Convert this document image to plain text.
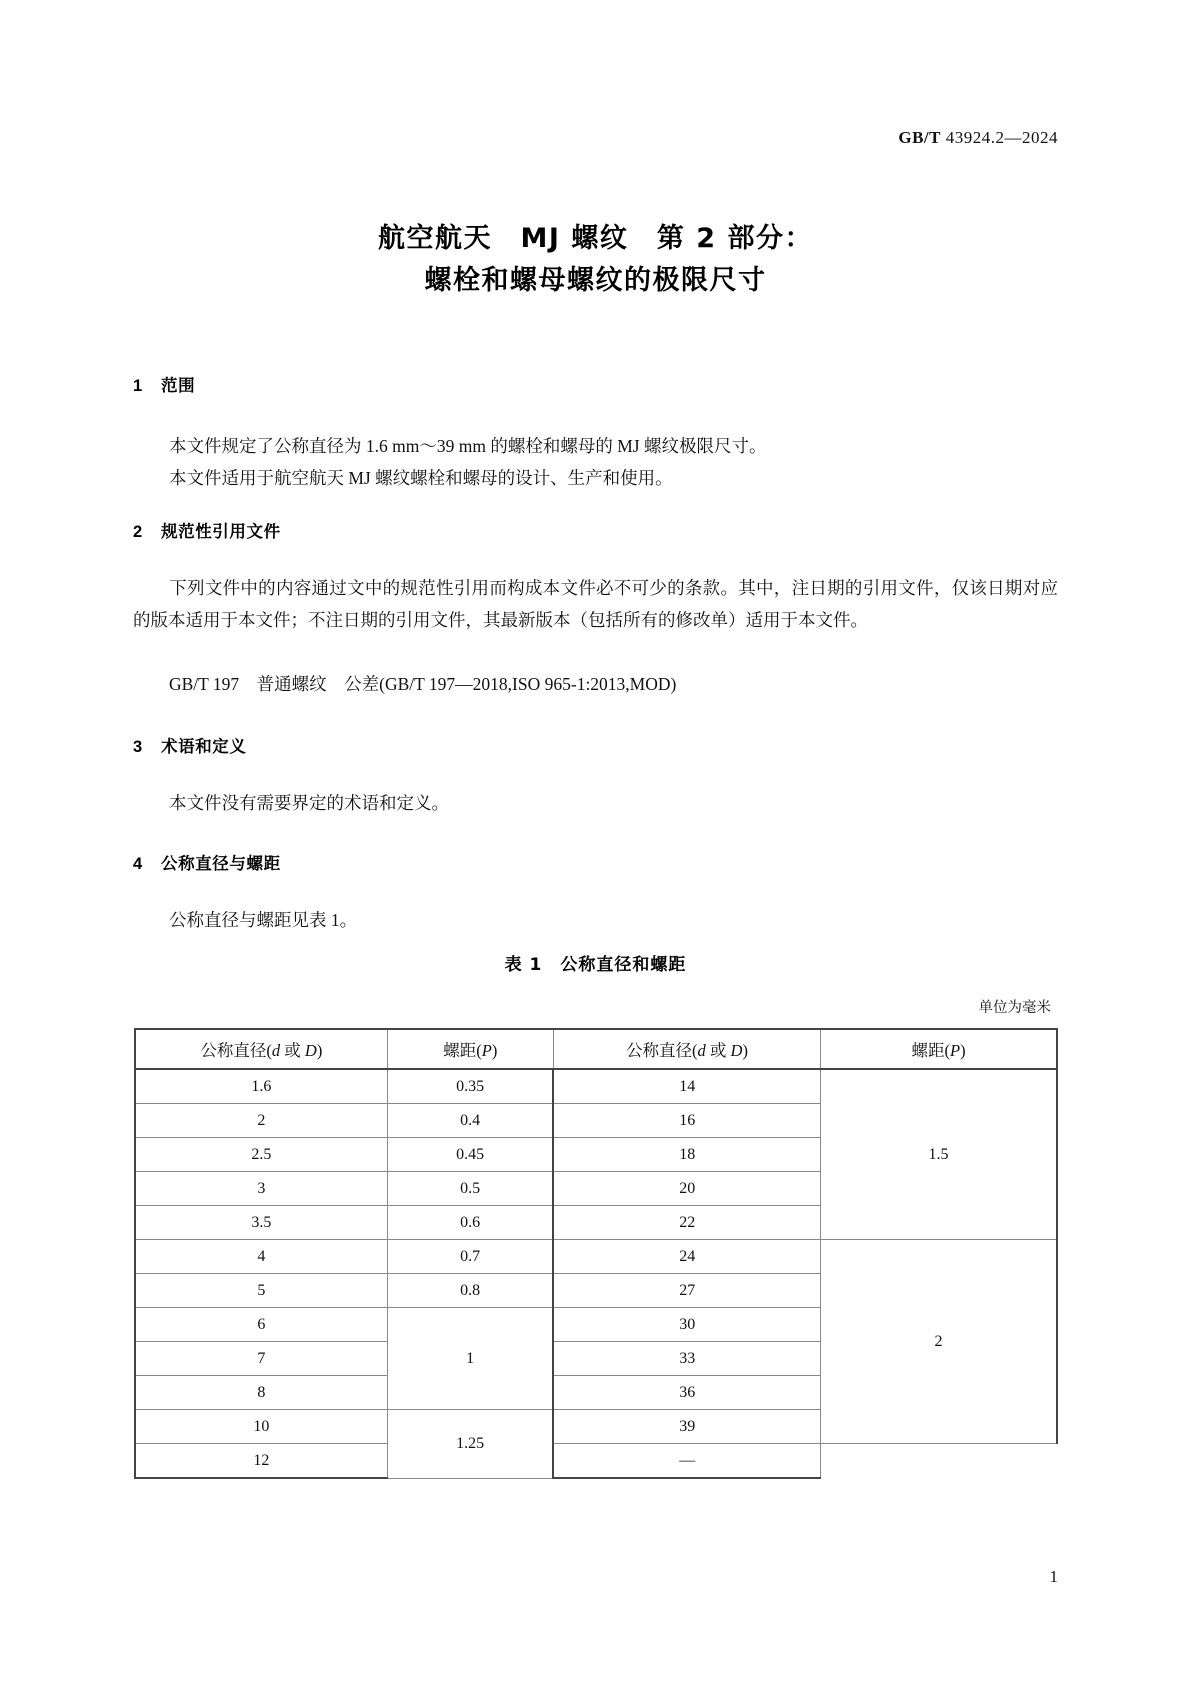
GB/T 43924.2—2024
航空航天　MJ 螺纹　第 2 部分：
螺栓和螺母螺纹的极限尺寸
1 范围
本文件规定了公称直径为 1.6 mm～39 mm 的螺栓和螺母的 MJ 螺纹极限尺寸。
本文件适用于航空航天 MJ 螺纹螺栓和螺母的设计、生产和使用。
2 规范性引用文件
下列文件中的内容通过文中的规范性引用而构成本文件必不可少的条款。其中，注日期的引用文件，仅该日期对应的版本适用于本文件；不注日期的引用文件，其最新版本（包括所有的修改单）适用于本文件。
GB/T 197　普通螺纹　公差(GB/T 197—2018,ISO 965-1:2013,MOD)
3 术语和定义
本文件没有需要界定的术语和定义。
4 公称直径与螺距
公称直径与螺距见表 1。
表 1　公称直径和螺距
单位为毫米
公称直径(d 或 D)	螺距(P)	公称直径(d 或 D)	螺距(P)
1.6	0.35	14	1.5
2	0.4	16	
2.5	0.45	18	
3	0.5	20	
3.5	0.6	22	
4	0.7	24	2
5	0.8	27	
6	1	30	
7		33	
8		36	
10	1.25	39	
12		—	
1
